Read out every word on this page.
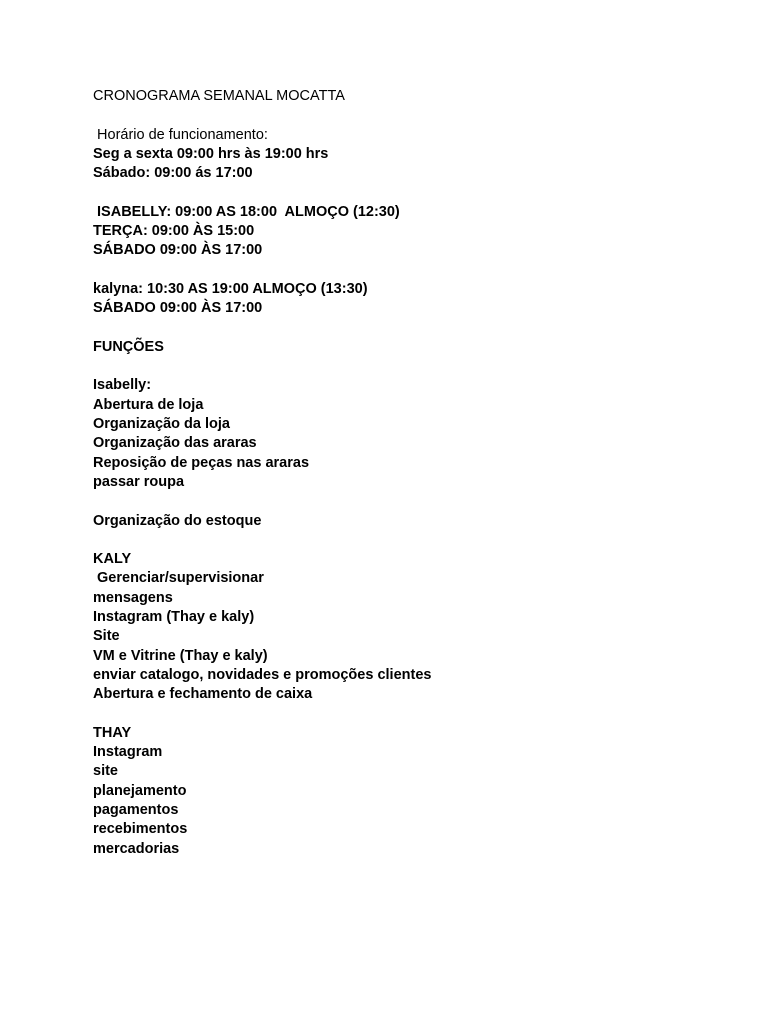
CRONOGRAMA SEMANAL MOCATTA
Horário de funcionamento:
Seg a sexta 09:00 hrs às 19:00 hrs
Sábado: 09:00 ás 17:00
ISABELLY: 09:00 AS 18:00  ALMOÇO (12:30)
TERÇA: 09:00 ÀS 15:00
SÁBADO 09:00 ÀS 17:00
kalyna: 10:30 AS 19:00 ALMOÇO (13:30)
SÁBADO 09:00 ÀS 17:00
FUNÇÕES
Isabelly:
Abertura de loja
Organização da loja
Organização das araras
Reposição de peças nas araras
passar roupa
Organização do estoque
KALY
Gerenciar/supervisionar
mensagens
Instagram (Thay e kaly)
Site
VM e Vitrine (Thay e kaly)
enviar catalogo, novidades e promoções clientes
Abertura e fechamento de caixa
THAY
Instagram
site
planejamento
pagamentos
recebimentos
mercadorias
